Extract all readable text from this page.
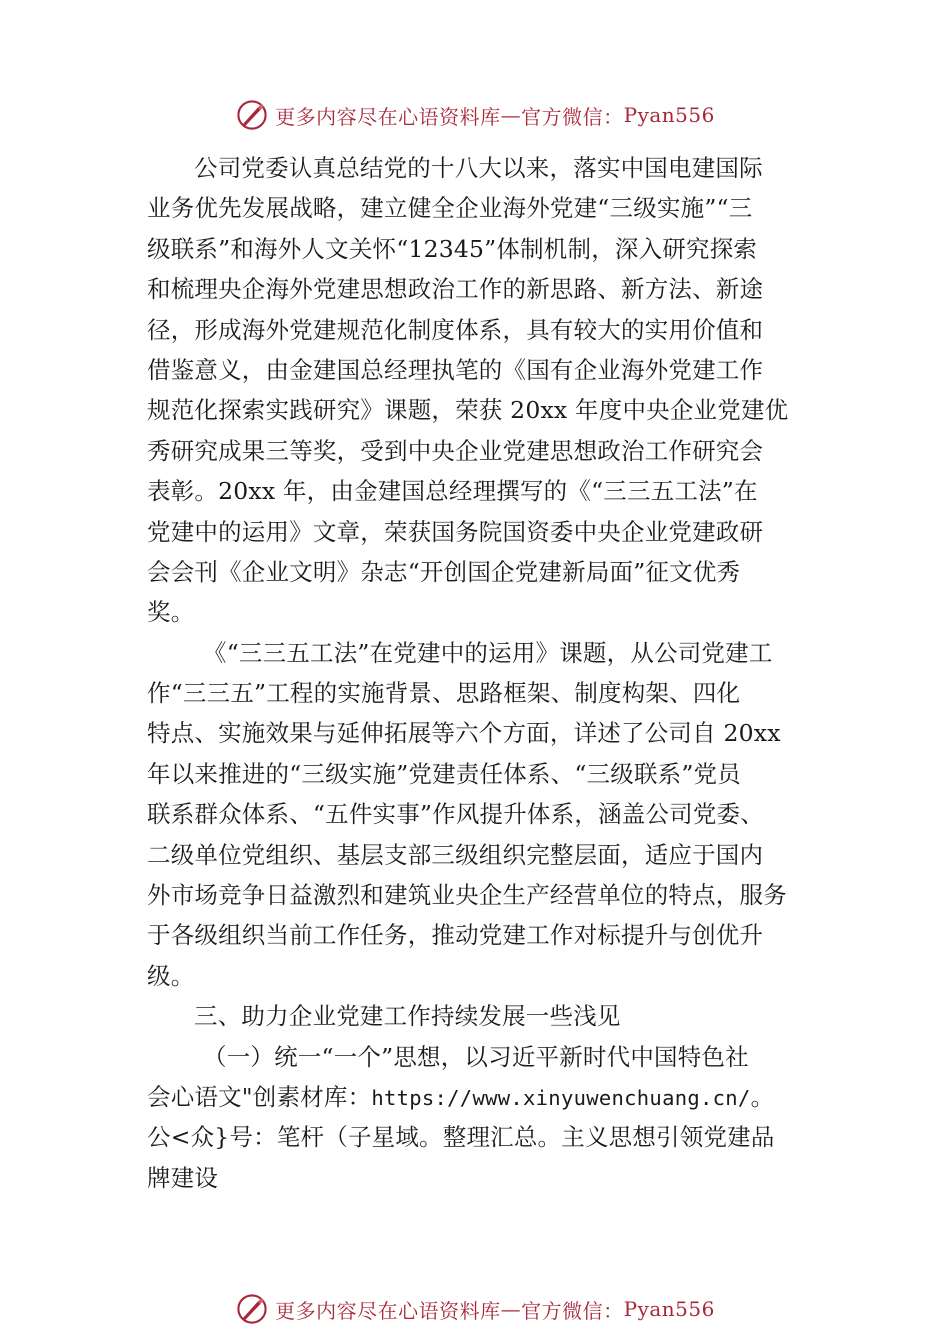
更多内容尽在心语资料库 — 官方微信： Pyan556
公司党委认真总结党的十八大以来，落实中国电建国际
业务优先发展战略，建立健全企业海外党建“三级实施”“三
级联系”和海外人文关怀“12345”体制机制，深入研究探索
和梳理央企海外党建思想政治工作的新思路、新方法、新途
径，形成海外党建规范化制度体系，具有较大的实用价值和
借鉴意义，由金建国总经理执笔的《国有企业海外党建工作
规范化探索实践研究》课题，荣获 20xx 年度中央企业党建优
秀研究成果三等奖，受到中央企业党建思想政治工作研究会
表彰。20xx 年，由金建国总经理撰写的《“三三五工法”在
党建中的运用》文章，荣获国务院国资委中央企业党建政研
会会刊《企业文明》杂志“开创国企党建新局面”征文优秀
奖。
《“三三五工法”在党建中的运用》课题，从公司党建工
作“三三五”工程的实施背景、思路框架、制度构架、四化
特点、实施效果与延伸拓展等六个方面，详述了公司自 20xx
年以来推进的“三级实施”党建责任体系、“三级联系”党员
联系群众体系、“五件实事”作风提升体系，涵盖公司党委、
二级单位党组织、基层支部三级组织完整层面，适应于国内
外市场竞争日益激烈和建筑业央企生产经营单位的特点，服务
于各级组织当前工作任务，推动党建工作对标提升与创优升
级。
三、助力企业党建工作持续发展一些浅见
（一）统一“一个”思想，以习近平新时代中国特色社
会心语文"创素材库：https://www.xinyuwenchuang.cn/。
公<众}号：笔杆（子星域。整理汇总。主义思想引领党建品
牌建设
更多内容尽在心语资料库 — 官方微信： Pyan556
